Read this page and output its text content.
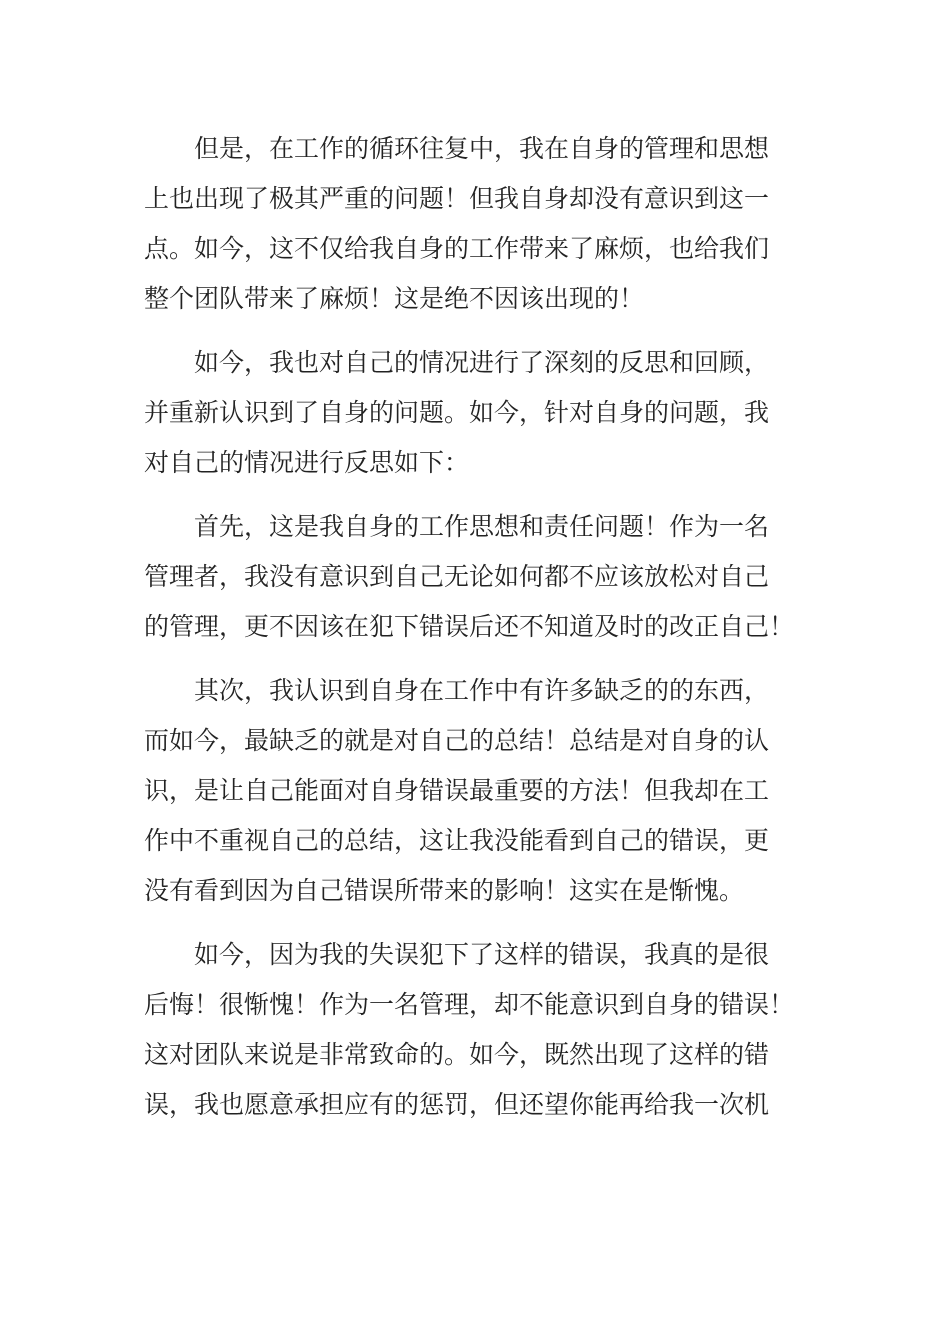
但是，在工作的循环往复中，我在自身的管理和思想
上也出现了极其严重的问题！但我自身却没有意识到这一
点。如今，这不仅给我自身的工作带来了麻烦，也给我们
整个团队带来了麻烦！这是绝不因该出现的！
如今，我也对自己的情况进行了深刻的反思和回顾，
并重新认识到了自身的问题。如今，针对自身的问题，我
对自己的情况进行反思如下：
首先，这是我自身的工作思想和责任问题！作为一名
管理者，我没有意识到自己无论如何都不应该放松对自己
的管理，更不因该在犯下错误后还不知道及时的改正自己！
其次，我认识到自身在工作中有许多缺乏的的东西，
而如今，最缺乏的就是对自己的总结！总结是对自身的认
识，是让自己能面对自身错误最重要的方法！但我却在工
作中不重视自己的总结，这让我没能看到自己的错误，更
没有看到因为自己错误所带来的影响！这实在是惭愧。
如今，因为我的失误犯下了这样的错误，我真的是很
后悔！很惭愧！作为一名管理，却不能意识到自身的错误！
这对团队来说是非常致命的。如今，既然出现了这样的错
误，我也愿意承担应有的惩罚，但还望你能再给我一次机
